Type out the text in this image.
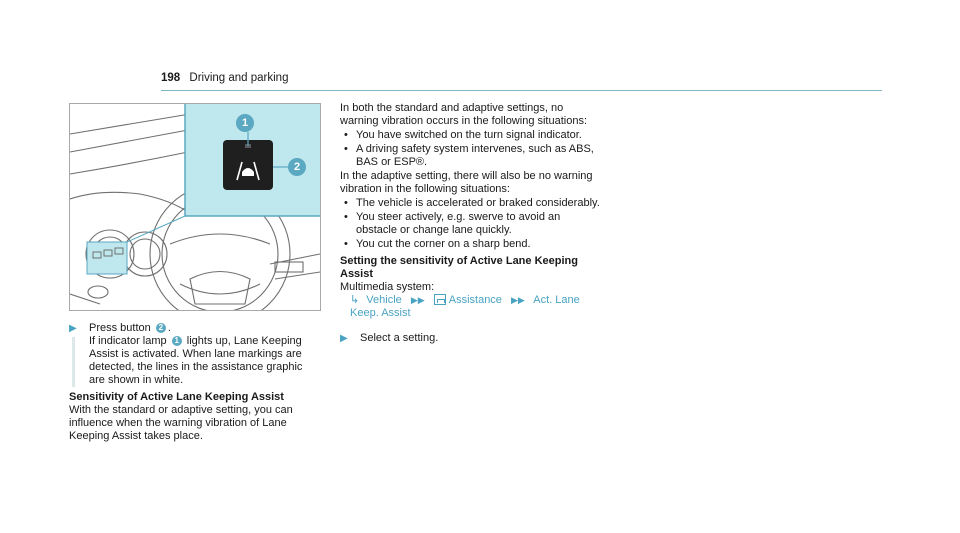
198 Driving and parking
1
2
▶ Press button 2 .
If indicator lamp 1 lights up, Lane Keeping
Assist is activated. When lane markings are detected, the lines in the assistance graphic are shown in white.
Sensitivity of Active Lane Keeping Assist

With the standard or adaptive setting, you can influence when the warning vibration of Lane Keeping Assist takes place.

In both the standard and adaptive settings, no warning vibration occurs in the following situations:

• You have switched on the turn signal indicator.
• A driving safety system intervenes, such as ABS, BAS or ESP®.

In the adaptive setting, there will also be no warning vibration in the following situations:

• The vehicle is accelerated or braked considerably.
• You steer actively, e.g. swerve to avoid an obstacle or change lane quickly.
• You cut the corner on a sharp bend.
Setting the sensitivity of Active Lane Keeping Assist
Multimedia system:
↳ Vehicle ▶▶ Assistance ▶▶ Act. Lane Keep. Assist
▶ Select a setting.
